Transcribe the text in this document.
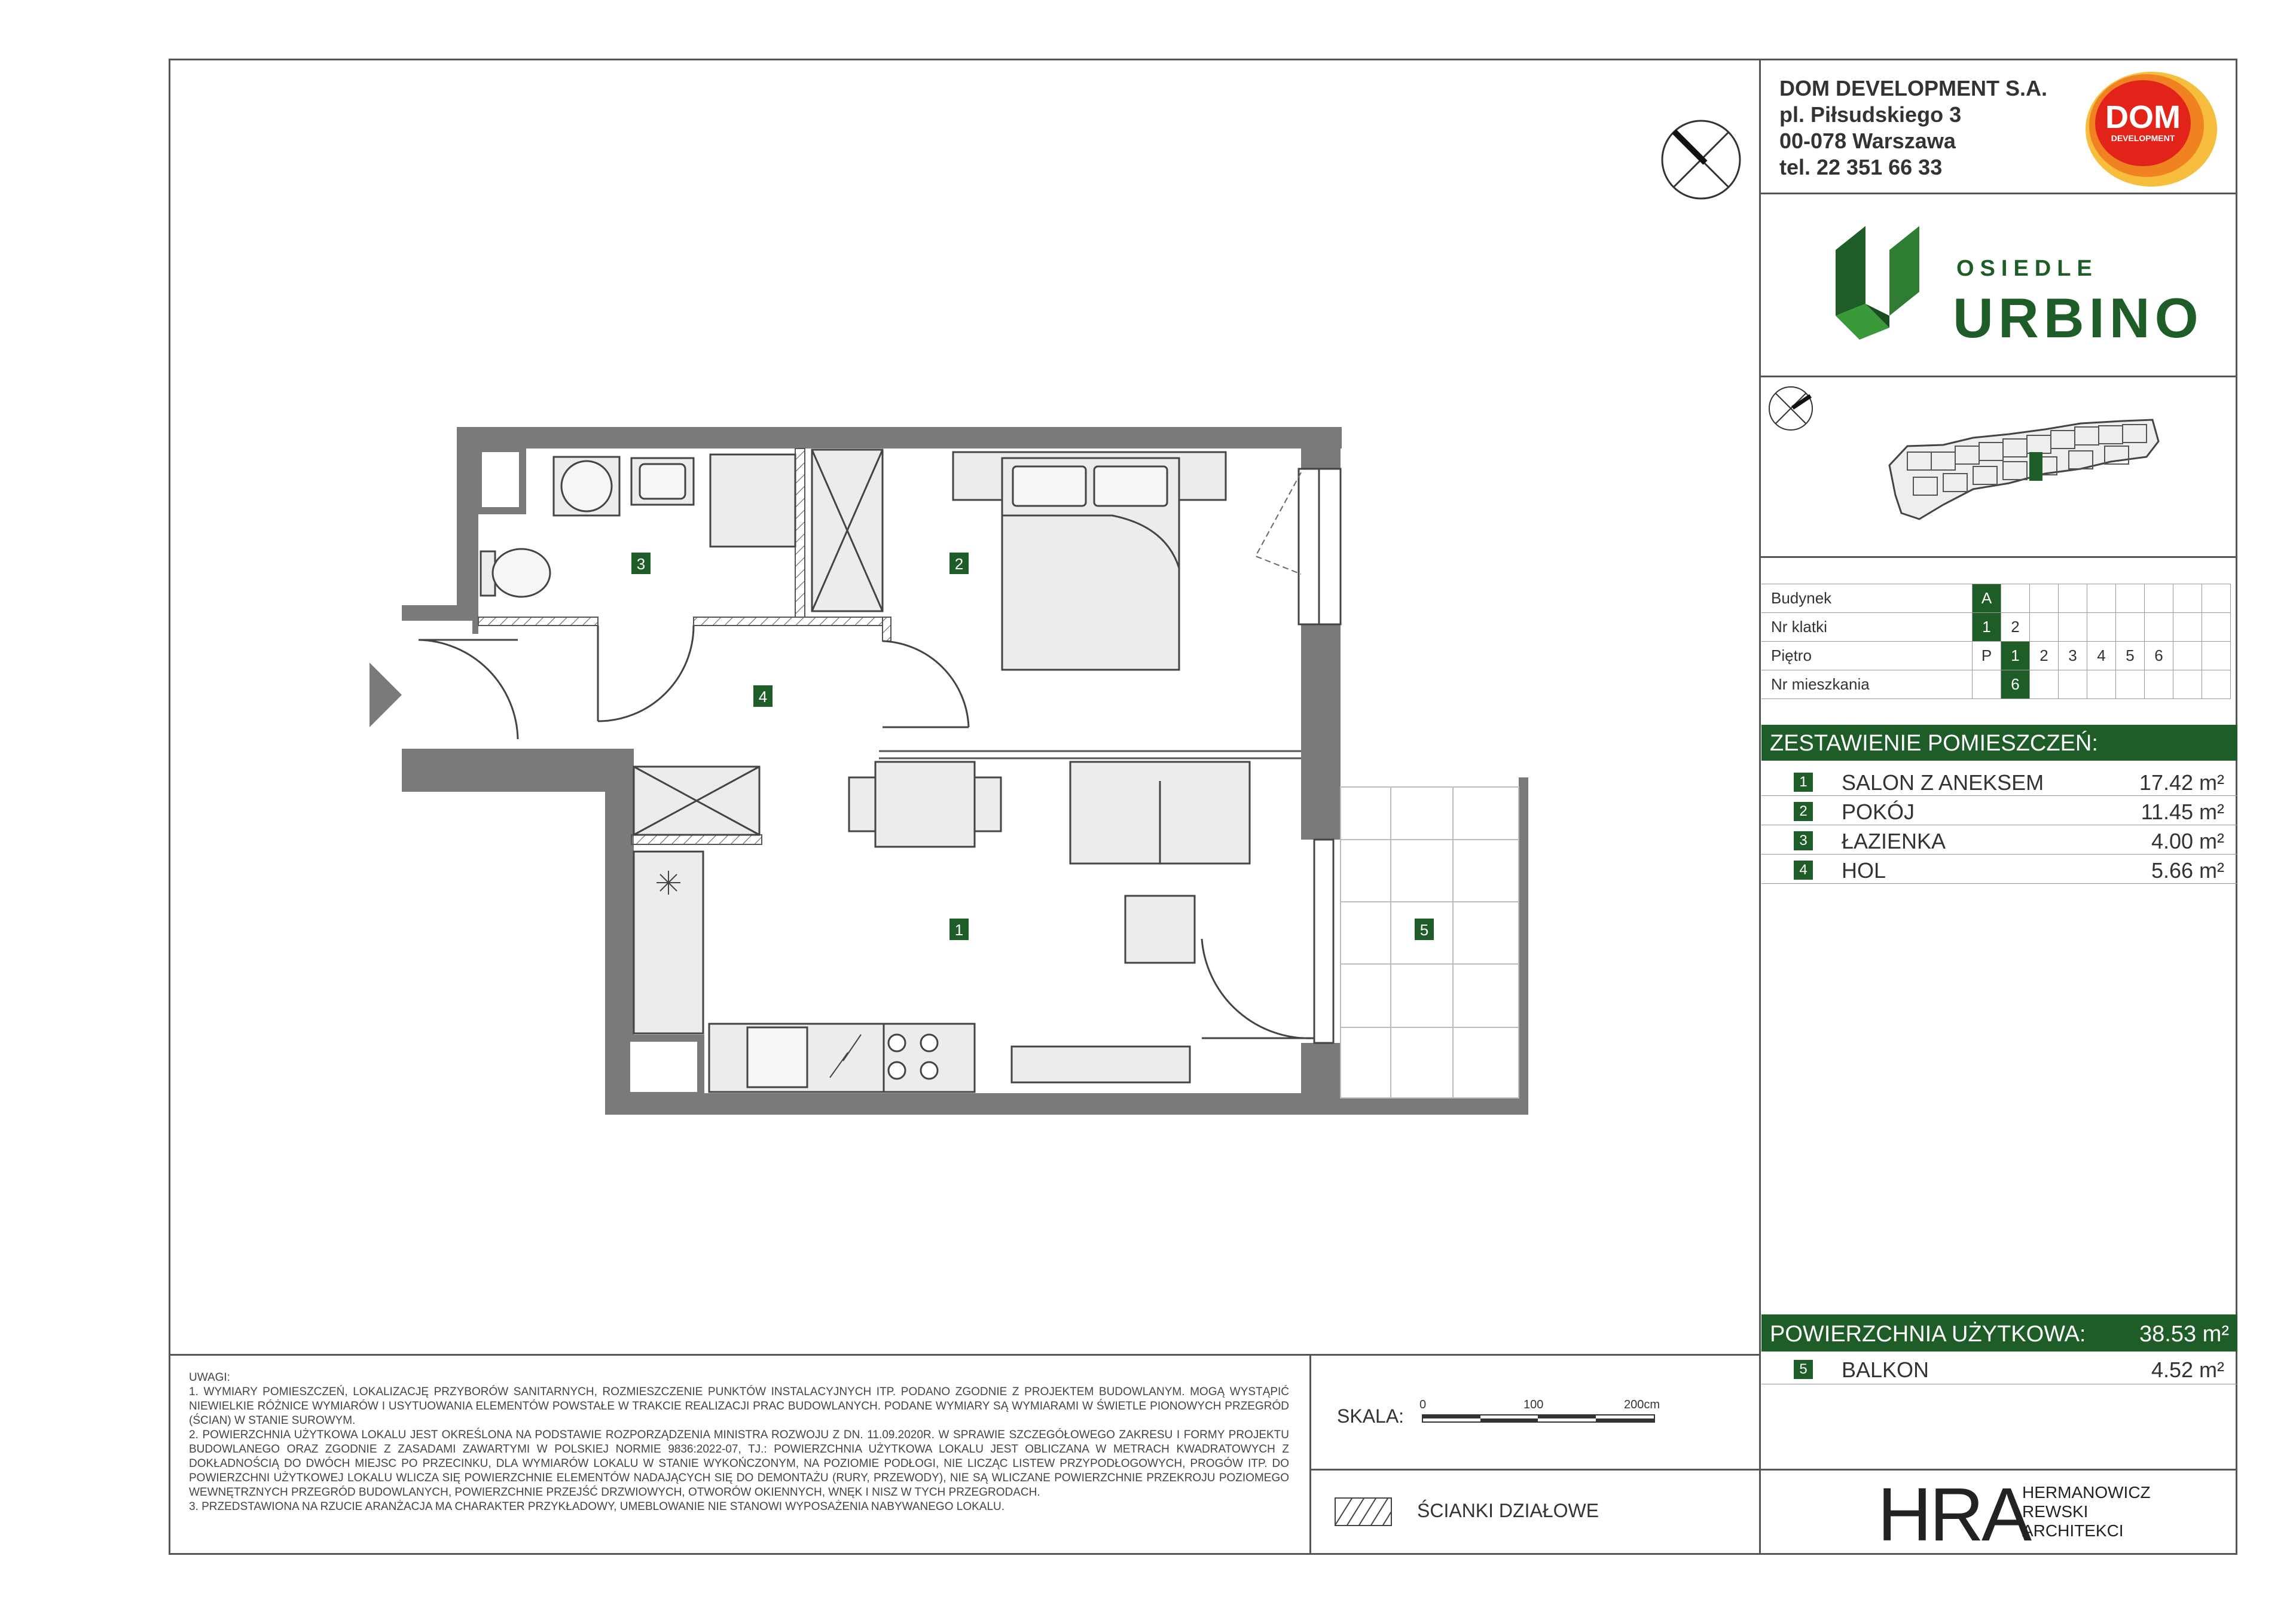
DOM DEVELOPMENT S.A.
pl. Piłsudskiego 3
00-078 Warszawa
tel. 22 351 66 33
DOM
DEVELOPMENT
OSIEDLE
URBINO
Budynek	A								
Nr klatki	1	2							
Piętro	P	1	2	3	4	5	6		
Nr mieszkania		6							
ZESTAWIENIE POMIESZCZEŃ:
1 SALON Z ANEKSEM	17.42 m²
2 POKÓJ	11.45 m²
3 ŁAZIENKA	4.00 m²
4 HOL	5.66 m²
POWIERZCHNIA UŻYTKOWA: 38.53 m²
5 BALKON	4.52 m²

UWAGI:

1. WYMIARY POMIESZCZEŃ, LOKALIZACJĘ PRZYBORÓW SANITARNYCH, ROZMIESZCZENIE PUNKTÓW INSTALACYJNYCH ITP. PODANO ZGODNIE Z PROJEKTEM BUDOWLANYM. MOGĄ WYSTĄPIĆ NIEWIELKIE RÓŻNICE WYMIARÓW I USYTUOWANIA ELEMENTÓW POWSTAŁE W TRAKCIE REALIZACJI PRAC BUDOWLANYCH. PODANE WYMIARY SĄ WYMIARAMI W ŚWIETLE PIONOWYCH PRZEGRÓD (ŚCIAN) W STANIE SUROWYM.

2. POWIERZCHNIA UŻYTKOWA LOKALU JEST OKREŚLONA NA PODSTAWIE ROZPORZĄDZENIA MINISTRA ROZWOJU Z DN. 11.09.2020R. W SPRAWIE SZCZEGÓŁOWEGO ZAKRESU I FORMY PROJEKTU BUDOWLANEGO ORAZ ZGODNIE Z ZASADAMI ZAWARTYMI W POLSKIEJ NORMIE 9836:2022-07, TJ.: POWIERZCHNIA UŻYTKOWA LOKALU JEST OBLICZANA W METRACH KWADRATOWYCH Z DOKŁADNOŚCIĄ DO DWÓCH MIEJSC PO PRZECINKU, DLA WYMIARÓW LOKALU W STANIE WYKOŃCZONYM, NA POZIOMIE PODŁOGI, NIE LICZĄC LISTEW PRZYPODŁOGOWYCH, PROGÓW ITP. DO POWIERZCHNI UŻYTKOWEJ LOKALU WLICZA SIĘ POWIERZCHNIE ELEMENTÓW NADAJĄCYCH SIĘ DO DEMONTAŻU (RURY, PRZEWODY), NIE SĄ WLICZANE POWIERZCHNIE PRZEKROJU POZIOMEGO WEWNĘTRZNYCH PRZEGRÓD BUDOWLANYCH, POWIERZCHNIE PRZEJŚĆ DRZWIOWYCH, OTWORÓW OKIENNYCH, WNĘK I NISZ W TYCH PRZEGRODACH.

3. PRZEDSTAWIONA NA RZUCIE ARANŻACJA MA CHARAKTER PRZYKŁADOWY, UMEBLOWANIE NIE STANOWI WYPOSAŻENIA NABYWANEGO LOKALU.

SKALA:
0	100	200cm
ŚCIANKI DZIAŁOWE	HRA
HERMANOWICZ
REWSKI
ARCHITEKCI
1
2
3
4
5
